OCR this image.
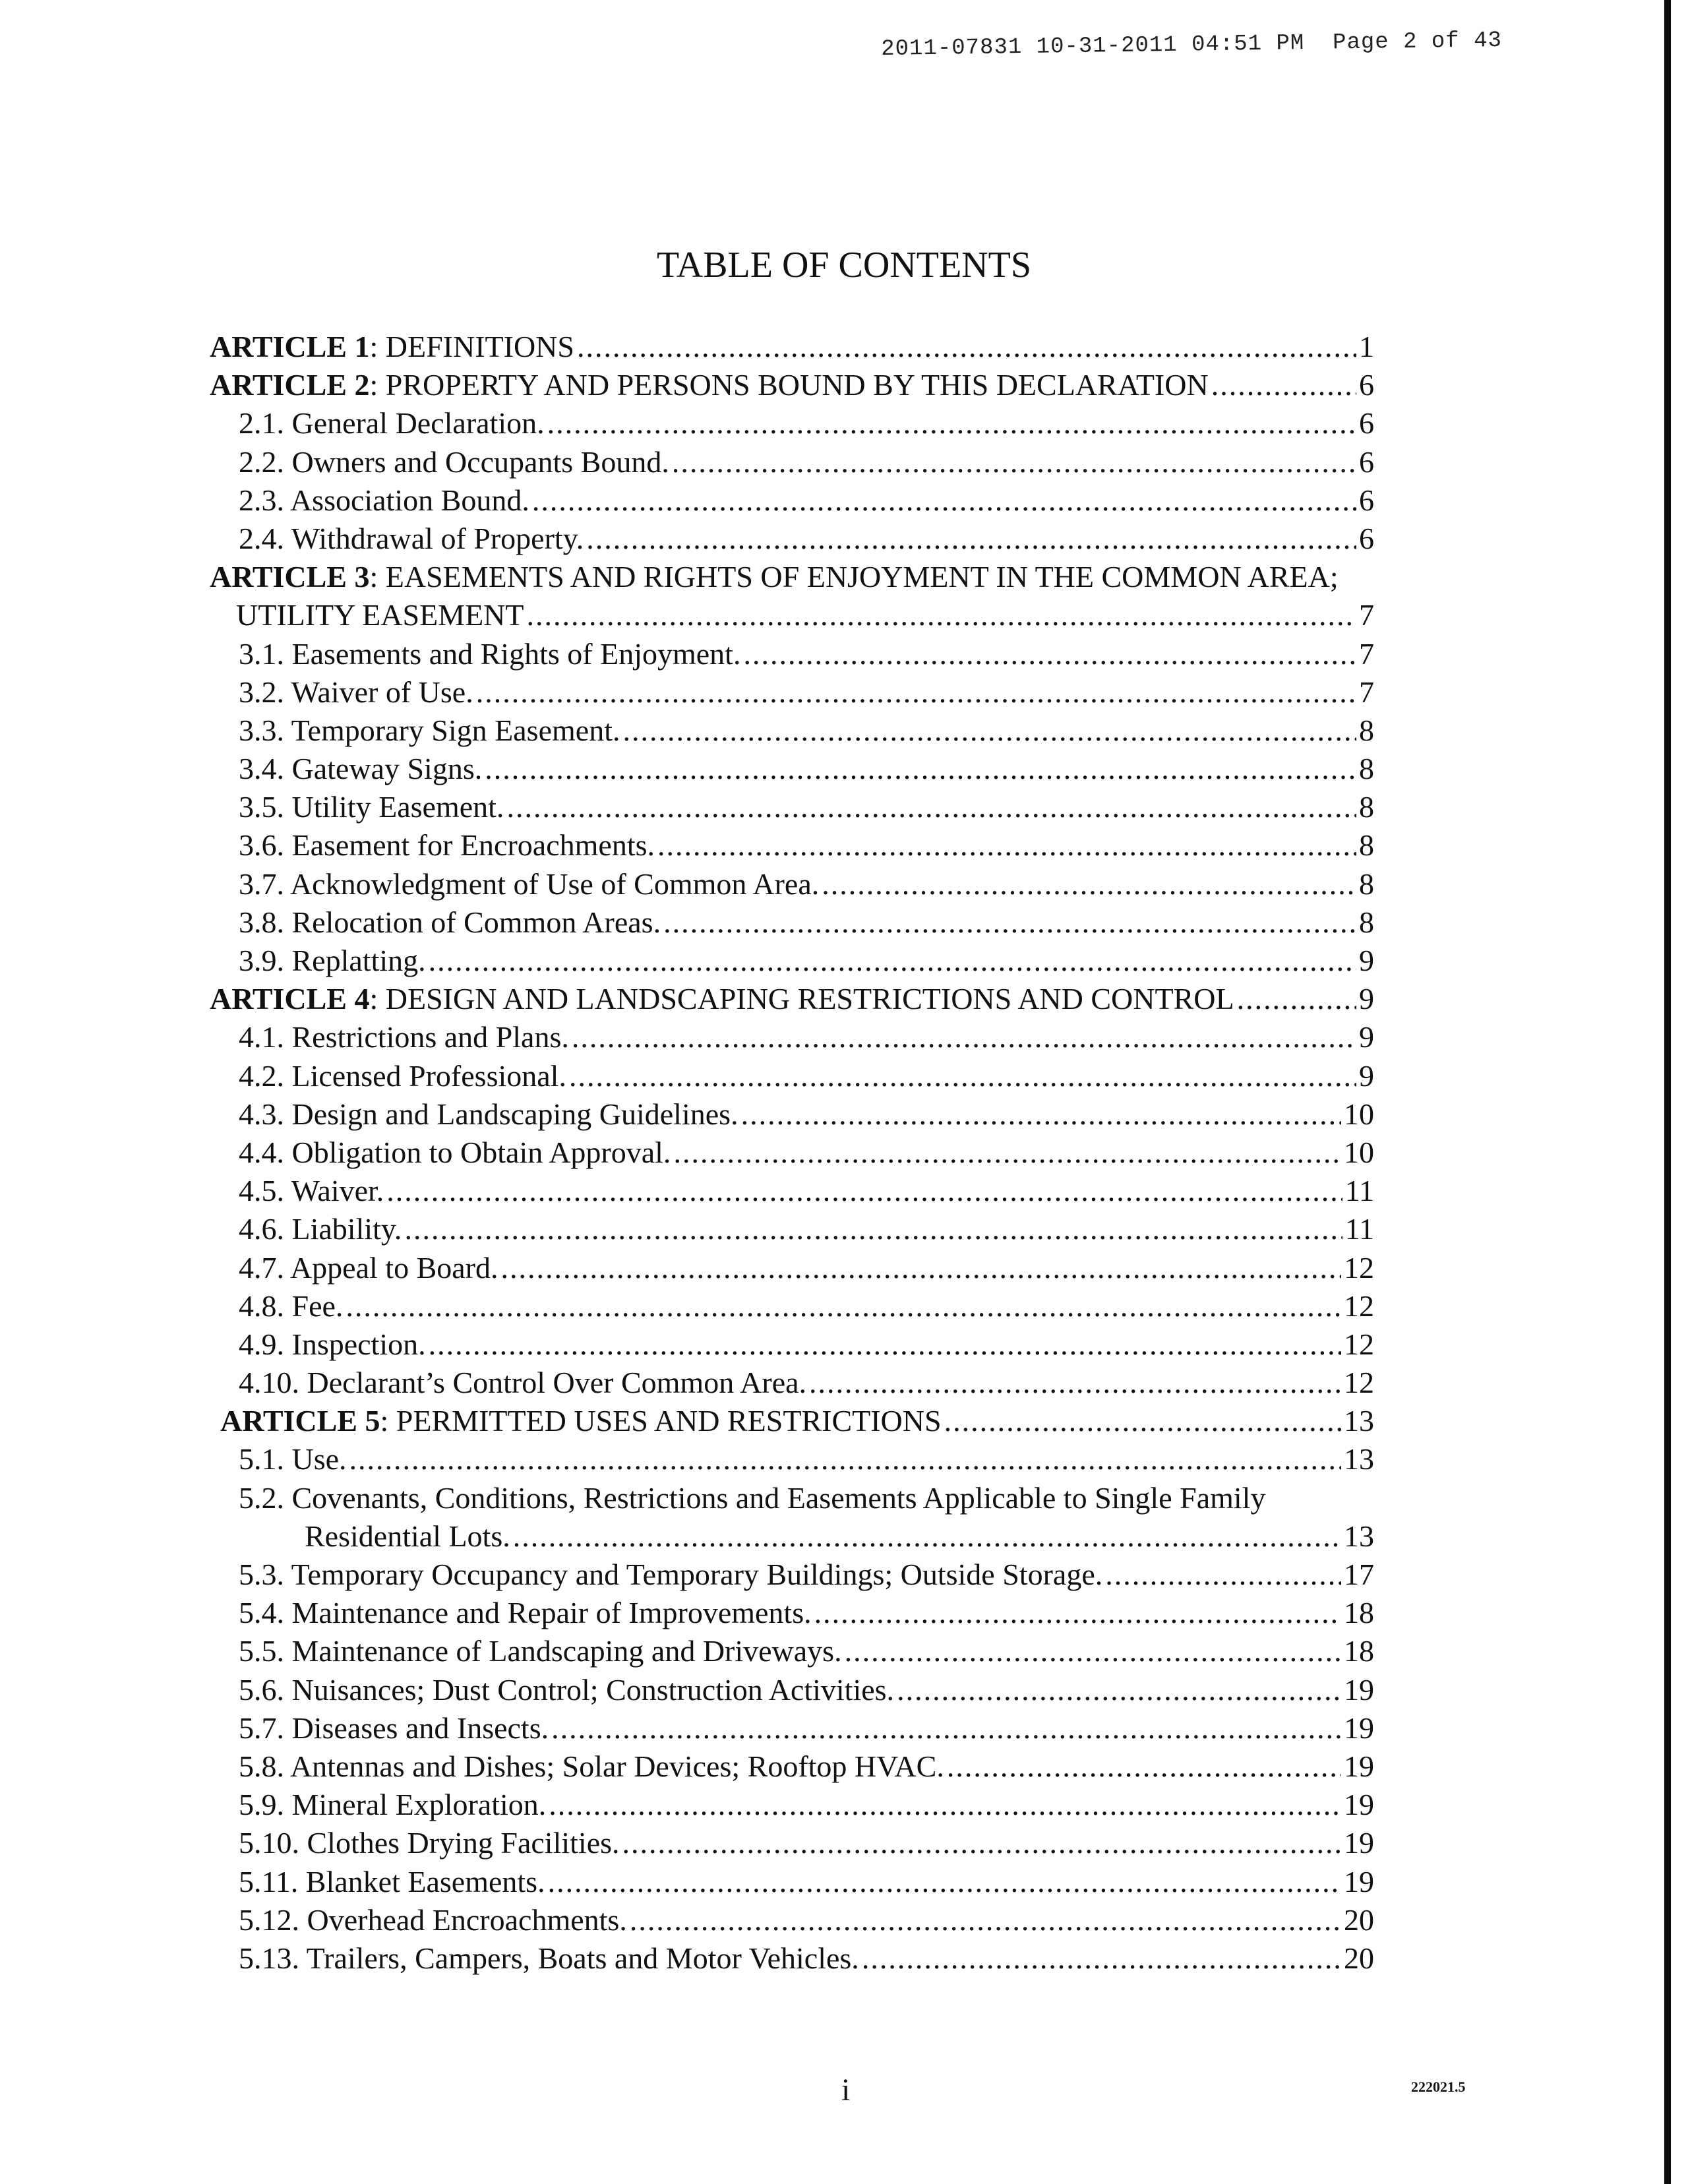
2011-07831 10-31-2011 04:51 PM  Page 2 of 43
TABLE OF CONTENTS
ARTICLE 1 : DEFINITIONS .....	1
ARTICLE 2 : PROPERTY AND PERSONS BOUND BY THIS DECLARATION .....	6
2.1. General Declaration. .....	6
2.2. Owners and Occupants Bound. .....	6
2.3. Association Bound. .....	6
2.4. Withdrawal of Property. .....	6
ARTICLE 3 : EASEMENTS AND RIGHTS OF ENJOYMENT IN THE COMMON AREA;
UTILITY EASEMENT .....	7
3.1. Easements and Rights of Enjoyment. .....	7
3.2. Waiver of Use. .....	7
3.3. Temporary Sign Easement. .....	8
3.4. Gateway Signs. .....	8
3.5. Utility Easement. .....	8
3.6. Easement for Encroachments. .....	8
3.7. Acknowledgment of Use of Common Area. .....	8
3.8. Relocation of Common Areas. .....	8
3.9. Replatting. .....	9
ARTICLE 4 : DESIGN AND LANDSCAPING RESTRICTIONS AND CONTROL .....	9
4.1. Restrictions and Plans. .....	9
4.2. Licensed Professional. .....	9
4.3. Design and Landscaping Guidelines. .....	10
4.4. Obligation to Obtain Approval. .....	10
4.5. Waiver. .....	11
4.6. Liability. .....	11
4.7. Appeal to Board. .....	12
4.8. Fee. .....	12
4.9. Inspection. .....	12
4.10. Declarant’s Control Over Common Area. .....	12
ARTICLE 5 : PERMITTED USES AND RESTRICTIONS .....	13
5.1. Use. .....	13
5.2. Covenants, Conditions, Restrictions and Easements Applicable to Single Family
Residential Lots. .....	13
5.3. Temporary Occupancy and Temporary Buildings; Outside Storage. .....	17
5.4. Maintenance and Repair of Improvements. .....	18
5.5. Maintenance of Landscaping and Driveways. .....	18
5.6. Nuisances; Dust Control; Construction Activities. .....	19
5.7. Diseases and Insects. .....	19
5.8. Antennas and Dishes; Solar Devices; Rooftop HVAC. .....	19
5.9. Mineral Exploration. .....	19
5.10. Clothes Drying Facilities. .....	19
5.11. Blanket Easements. .....	19
5.12. Overhead Encroachments. .....	20
5.13. Trailers, Campers, Boats and Motor Vehicles. .....	20
i	222021.5
